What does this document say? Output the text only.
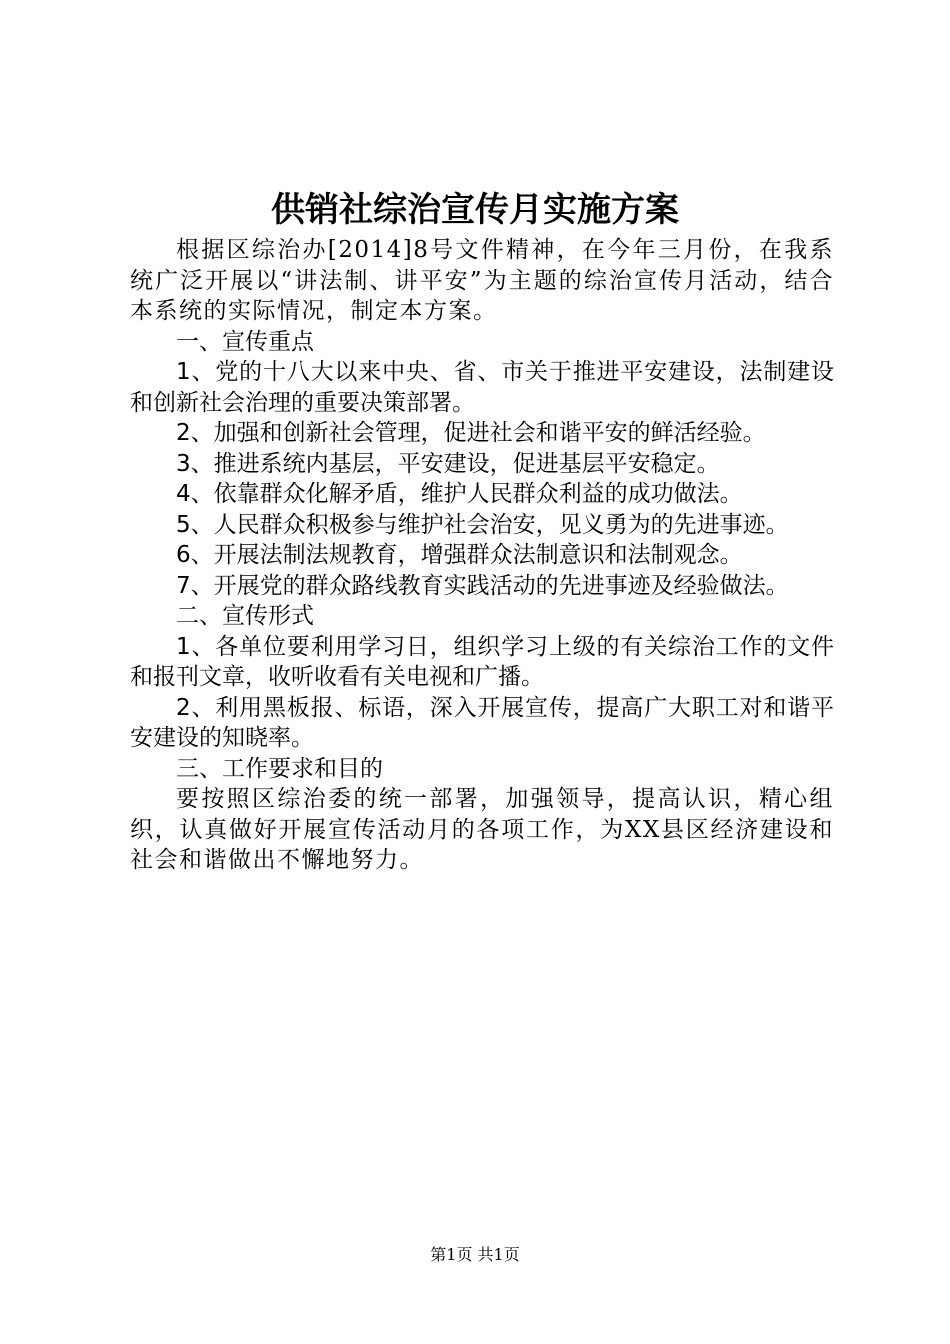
供销社综治宣传月实施方案

根据区综治办[2014]8号文件精神，在今年三月份，在我系统广泛开展以“讲法制、讲平安”为主题的综治宣传月活动，结合本系统的实际情况，制定本方案。

一、宣传重点

1、党的十八大以来中央、省、市关于推进平安建设，法制建设和创新社会治理的重要决策部署。

2、加强和创新社会管理，促进社会和谐平安的鲜活经验。

3、推进系统内基层，平安建设，促进基层平安稳定。

4、依靠群众化解矛盾，维护人民群众利益的成功做法。

5、人民群众积极参与维护社会治安，见义勇为的先进事迹。

6、开展法制法规教育，增强群众法制意识和法制观念。

7、开展党的群众路线教育实践活动的先进事迹及经验做法。

二、宣传形式

1、各单位要利用学习日，组织学习上级的有关综治工作的文件和报刊文章，收听收看有关电视和广播。

2、利用黑板报、标语，深入开展宣传，提高广大职工对和谐平安建设的知晓率。

三、工作要求和目的

要按照区综治委的统一部署，加强领导，提高认识，精心组织，认真做好开展宣传活动月的各项工作，为XX县区经济建设和社会和谐做出不懈地努力。

第1页 共1页
